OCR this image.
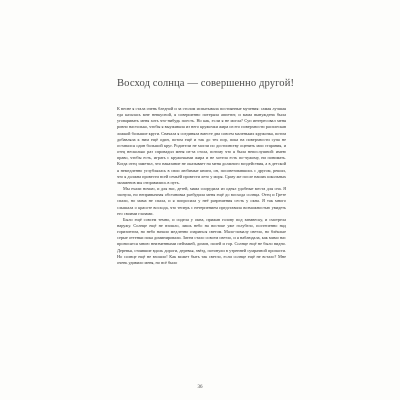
Восход солнца — совершенно другой!

К весне я стала очень бледной и за столом испытывала постоянные мучения: самая лучшая еда казалась мне невкусной, я совершенно потеряла аппетит, и мама вынуждена была уговаривать меня хоть что-нибудь поесть. Но как, если я не могла? Суп интересовал меня ровно настолько, чтобы я выуживала из него кружочки жира из его поверхности расплескав ложкой большие круги. Сначала я соединяла вместе два совсем маленьких кружочка, потом добавляла к ним ещё один, потом ещё и так до тех пор, пока на поверхности супа не оставался один большой круг. Родители не могли по достоинству оценить мои старания, и отец несколько раз спровадил меня из-за стола, потому что я была непослушной: имею право, чтобы есть, играть с кружочками жира и не хотела есть по-чужому, ни понимать. Когда отец заметил, что наказание не оказывает на меня должного воздействия, а в детской я немедленно углублялась в свои любимые книги, он, посоветовавшись с другом, решил, что я должна провести всей семьёй провести лето у моря. Сразу же после наших школьных экзаменов мы отправились в путь.

Мы ехали ночью, и для нас, детей, мама соорудила из одеял удобные места для сна. Я заснула, но непривычная обстановка разбудила меня ещё до восхода солнца. Отец и Грете спали, но мама не спала, и я попросила у неё разрешения сесть у окна. Я так много слышала о красоте восхода, что теперь с нетерпением представила возможностью увидеть его своими глазами.

Было ещё совсем темно, и сидела у окна, прижав голову под занавеску, и смотрела наружу. Солнце ещё не взошло, лишь небо на востоке уже голубело, постепенно над горизонтом, но небо начало медленно озаряться светом. Мало-помалу светло, но блёклые серые оттенки пока доминировали. Затем стало совсем светло, и я наблюдала, как мимо нас проносятся мною неизменными пейзажей, домов, полей и гор. Солнце ещё не было видно. Деревья, стоявшие вдоль дороги, деревья, звёзд, потонули в утренней сумрачной пропасти. Но солнце ещё не взошло! Как может быть так светло, если солнце ещё не встало? Мне очень удивило меня, но всё было

36
